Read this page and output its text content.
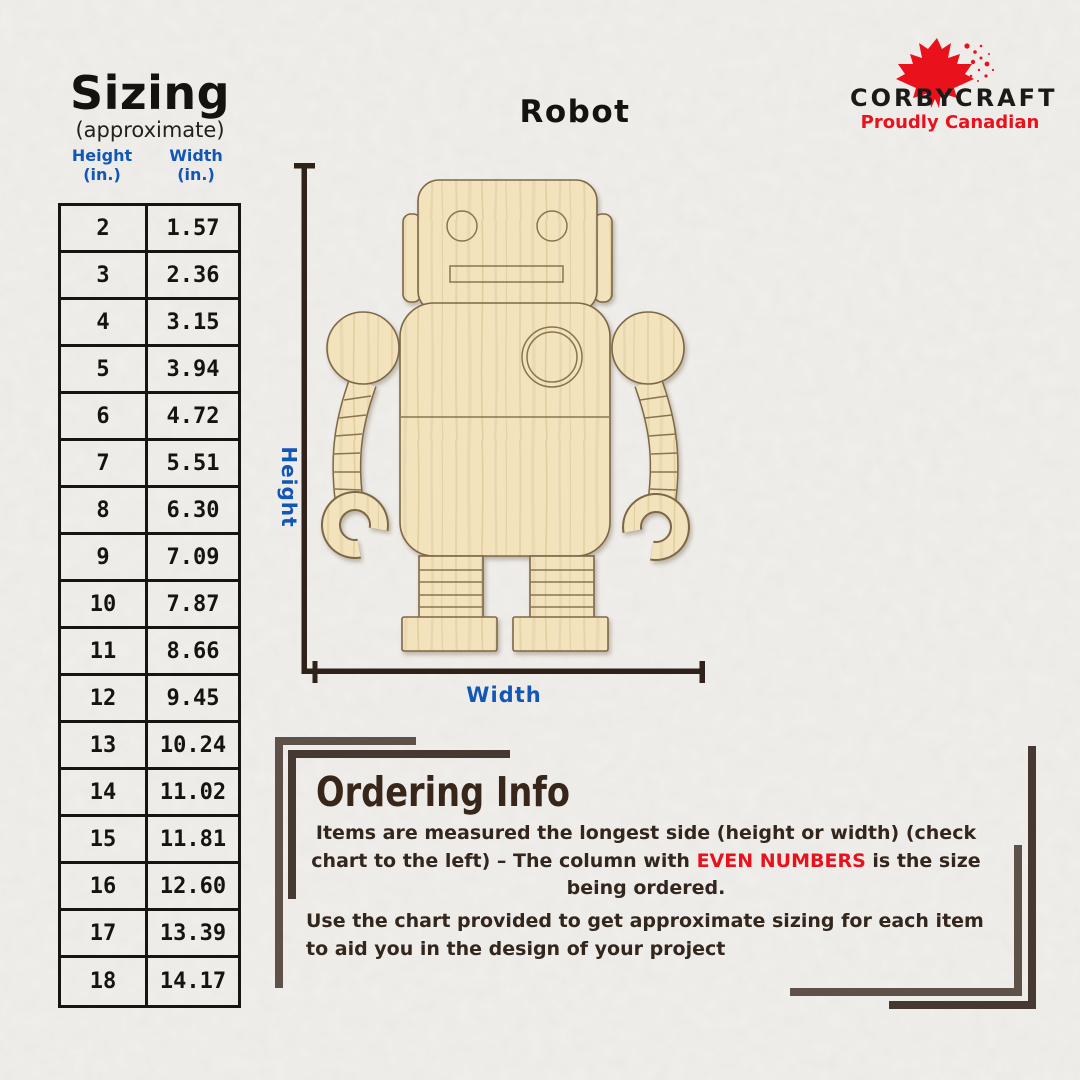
Sizing
(approximate)
Height (in.)
Width (in.)
2	1.57
3	2.36
4	3.15
5	3.94
6	4.72
7	5.51
8	6.30
9	7.09
10	7.87
11	8.66
12	9.45
13	10.24
14	11.02
15	11.81
16	12.60
17	13.39
18	14.17
Robot
Height
Width
CORBYCRAFT
Proudly Canadian
Ordering Info
Items are measured the longest side (height or width) (check chart to the left) – The column with EVEN NUMBERS is the size being ordered.
Use the chart provided to get approximate sizing for each item to aid you in the design of your project
